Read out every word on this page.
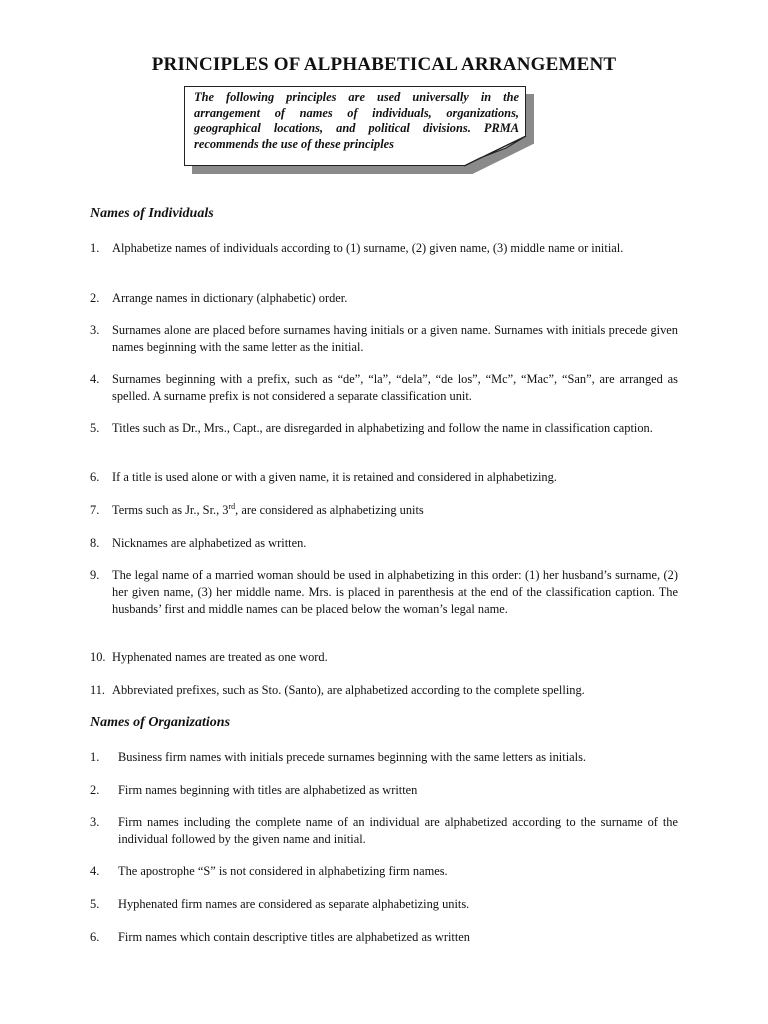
PRINCIPLES OF ALPHABETICAL ARRANGEMENT
The following principles are used universally in the arrangement of names of individuals, organizations, geographical locations, and political divisions. PRMA recommends the use of these principles
Names of Individuals
1.	Alphabetize names of individuals according to (1) surname, (2) given name, (3) middle name or initial.
2.	Arrange names in dictionary (alphabetic) order.
3.	Surnames alone are placed before surnames having initials or a given name. Surnames with initials precede given names beginning with the same letter as the initial.
4.	Surnames beginning with a prefix, such as “de”, “la”, “dela”, “de los”, “Mc”, “Mac”, “San”, are arranged as spelled. A surname prefix is not considered a separate classification unit.
5.	Titles such as Dr., Mrs., Capt., are disregarded in alphabetizing and follow the name in classification caption.
6.	If a title is used alone or with a given name, it is retained and considered in alphabetizing.
7.	Terms such as Jr., Sr., 3rd, are considered as alphabetizing units
8.	Nicknames are alphabetized as written.
9.	The legal name of a married woman should be used in alphabetizing in this order: (1) her husband’s surname, (2) her given name, (3) her middle name. Mrs. is placed in parenthesis at the end of the classification caption. The husbands’ first and middle names can be placed below the woman’s legal name.
10. Hyphenated names are treated as one word.
11. Abbreviated prefixes, such as Sto. (Santo), are alphabetized according to the complete spelling.
Names of Organizations
1.	Business firm names with initials precede surnames beginning with the same letters as initials.
2.	Firm names beginning with titles are alphabetized as written
3.	Firm names including the complete name of an individual are alphabetized according to the surname of the individual followed by the given name and initial.
4.	The apostrophe “S” is not considered in alphabetizing firm names.
5.	Hyphenated firm names are considered as separate alphabetizing units.
6.	Firm names which contain descriptive titles are alphabetized as written
